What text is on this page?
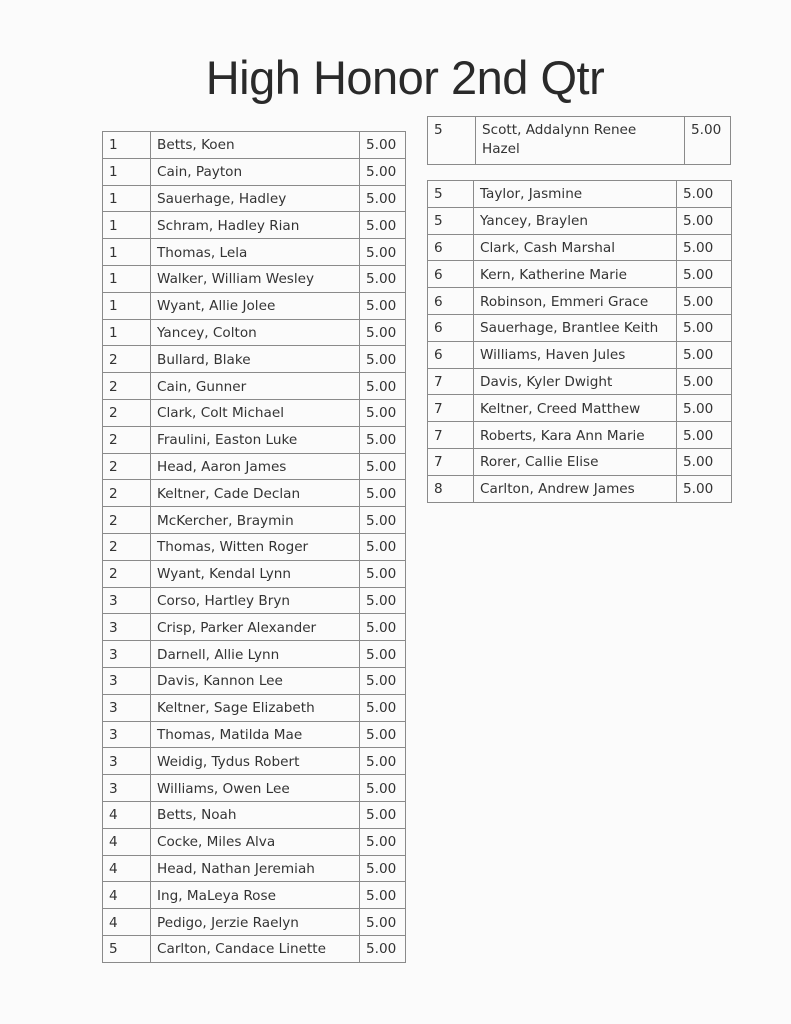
High Honor 2nd Qtr
1	Betts, Koen	5.00
1	Cain, Payton	5.00
1	Sauerhage, Hadley	5.00
1	Schram, Hadley Rian	5.00
1	Thomas, Lela	5.00
1	Walker, William Wesley	5.00
1	Wyant, Allie Jolee	5.00
1	Yancey, Colton	5.00
2	Bullard, Blake	5.00
2	Cain, Gunner	5.00
2	Clark, Colt Michael	5.00
2	Fraulini, Easton Luke	5.00
2	Head, Aaron James	5.00
2	Keltner, Cade Declan	5.00
2	McKercher, Braymin	5.00
2	Thomas, Witten Roger	5.00
2	Wyant, Kendal Lynn	5.00
3	Corso, Hartley Bryn	5.00
3	Crisp, Parker Alexander	5.00
3	Darnell, Allie Lynn	5.00
3	Davis, Kannon Lee	5.00
3	Keltner, Sage Elizabeth	5.00
3	Thomas, Matilda Mae	5.00
3	Weidig, Tydus Robert	5.00
3	Williams, Owen Lee	5.00
4	Betts, Noah	5.00
4	Cocke, Miles Alva	5.00
4	Head, Nathan Jeremiah	5.00
4	Ing, MaLeya Rose	5.00
4	Pedigo, Jerzie Raelyn	5.00
5	Carlton, Candace Linette	5.00
5	Scott, Addalynn Renee Hazel	5.00
5	Taylor, Jasmine	5.00
5	Yancey, Braylen	5.00
6	Clark, Cash Marshal	5.00
6	Kern, Katherine Marie	5.00
6	Robinson, Emmeri Grace	5.00
6	Sauerhage, Brantlee Keith	5.00
6	Williams, Haven Jules	5.00
7	Davis, Kyler Dwight	5.00
7	Keltner, Creed Matthew	5.00
7	Roberts, Kara Ann Marie	5.00
7	Rorer, Callie Elise	5.00
8	Carlton, Andrew James	5.00
